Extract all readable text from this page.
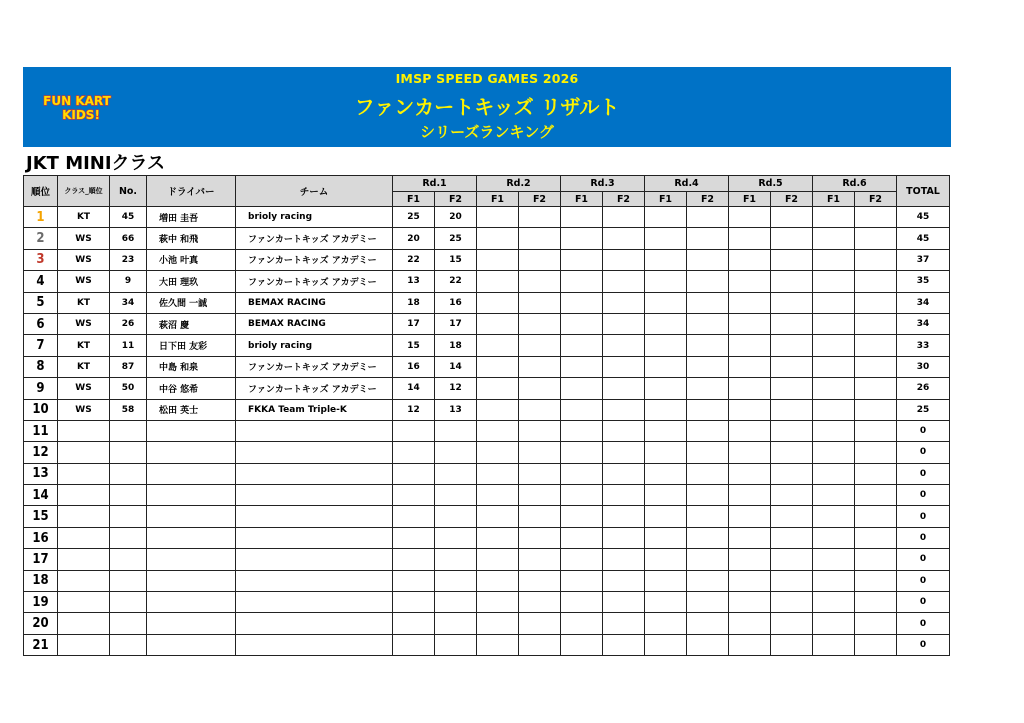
FUN KART
KIDS!
IMSP SPEED GAMES 2026
ファンカートキッズ リザルト
シリーズランキング
JKT MINIクラス
順位	クラス_順位	No.	ドライバー	チーム	Rd.1		Rd.2		Rd.3		Rd.4		Rd.5		Rd.6		TOTAL
					F1	F2	F1	F2	F1	F2	F1	F2	F1	F2	F1	F2	
1	KT	45	増田 圭吾	brioly racing	25	20											45
2	WS	66	萩中 和飛	ファンカートキッズ アカデミー	20	25											45
3	WS	23	小池 叶真	ファンカートキッズ アカデミー	22	15											37
4	WS	9	大田 理玖	ファンカートキッズ アカデミー	13	22											35
5	KT	34	佐久間 一誠	BEMAX RACING	18	16											34
6	WS	26	萩沼 慶	BEMAX RACING	17	17											34
7	KT	11	日下田 友彩	brioly racing	15	18											33
8	KT	87	中島 和泉	ファンカートキッズ アカデミー	16	14											30
9	WS	50	中谷 悠希	ファンカートキッズ アカデミー	14	12											26
10	WS	58	松田 英士	FKKA Team Triple-K	12	13											25
11																	0
12																	0
13																	0
14																	0
15																	0
16																	0
17																	0
18																	0
19																	0
20																	0
21																	0
